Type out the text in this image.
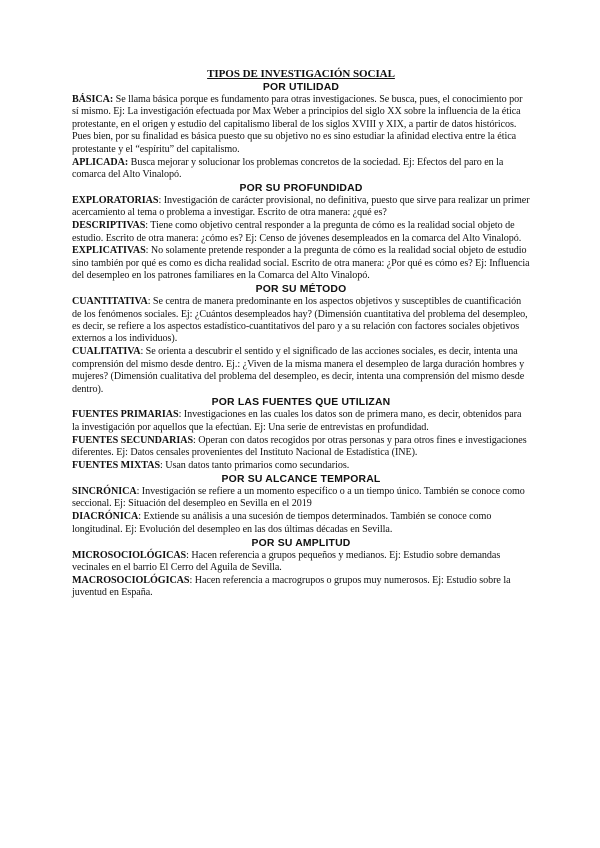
TIPOS DE INVESTIGACIÓN SOCIAL

POR UTILIDAD

BÁSICA: Se llama básica porque es fundamento para otras investigaciones. Se busca, pues, el conocimiento por sí mismo. Ej: La investigación efectuada por Max Weber a principios del siglo XX sobre la influencia de la ética protestante, en el origen y estudio del capitalismo liberal de los siglos XVIII y XIX, a partir de datos históricos. Pues bien, por su finalidad es básica puesto que su objetivo no es sino estudiar la afinidad electiva entre la ética protestante y el “espíritu” del capitalismo.

APLICADA: Busca mejorar y solucionar los problemas concretos de la sociedad. Ej: Efectos del paro en la comarca del Alto Vinalopó.

POR SU PROFUNDIDAD

EXPLORATORIAS: Investigación de carácter provisional, no definitiva, puesto que sirve para realizar un primer acercamiento al tema o problema a investigar. Escrito de otra manera: ¿qué es?

DESCRIPTIVAS: Tiene como objetivo central responder a la pregunta de cómo es la realidad social objeto de estudio. Escrito de otra manera: ¿cómo es? Ej: Censo de jóvenes desempleados en la comarca del Alto Vinalopó.

EXPLICATIVAS: No solamente pretende responder a la pregunta de cómo es la realidad social objeto de estudio sino también por qué es como es dicha realidad social. Escrito de otra manera: ¿Por qué es cómo es? Ej: Influencia del desempleo en los patrones familiares en la Comarca del Alto Vinalopó.

POR SU MÉTODO

CUANTITATIVA: Se centra de manera predominante en los aspectos objetivos y susceptibles de cuantificación de los fenómenos sociales. Ej: ¿Cuántos desempleados hay? (Dimensión cuantitativa del problema del desempleo, es decir, se refiere a los aspectos estadístico-cuantitativos del paro y a su relación con factores sociales objetivos externos a los individuos).

CUALITATIVA: Se orienta a descubrir el sentido y el significado de las acciones sociales, es decir, intenta una comprensión del mismo desde dentro. Ej.: ¿Viven de la misma manera el desempleo de larga duración hombres y mujeres? (Dimensión cualitativa del problema del desempleo, es decir, intenta una comprensión del mismo desde dentro).

POR LAS FUENTES QUE UTILIZAN

FUENTES PRIMARIAS: Investigaciones en las cuales los datos son de primera mano, es decir, obtenidos para la investigación por aquellos que la efectúan. Ej: Una serie de entrevistas en profundidad.

FUENTES SECUNDARIAS: Operan con datos recogidos por otras personas y para otros fines e investigaciones diferentes. Ej: Datos censales provenientes del Instituto Nacional de Estadística (INE).

FUENTES MIXTAS: Usan datos tanto primarios como secundarios.

POR SU ALCANCE TEMPORAL

SINCRÓNICA: Investigación se refiere a un momento específico o a un tiempo único. También se conoce como seccional. Ej: Situación del desempleo en Sevilla en el 2019

DIACRÓNICA: Extiende su análisis a una sucesión de tiempos determinados. También se conoce como longitudinal. Ej: Evolución del desempleo en las dos últimas décadas en Sevilla.

POR SU AMPLITUD

MICROSOCIOLÓGICAS: Hacen referencia a grupos pequeños y medianos. Ej: Estudio sobre demandas vecinales en el barrio El Cerro del Aguila de Sevilla.

MACROSOCIOLÓGICAS: Hacen referencia a macrogrupos o grupos muy numerosos. Ej: Estudio sobre la juventud en España.
